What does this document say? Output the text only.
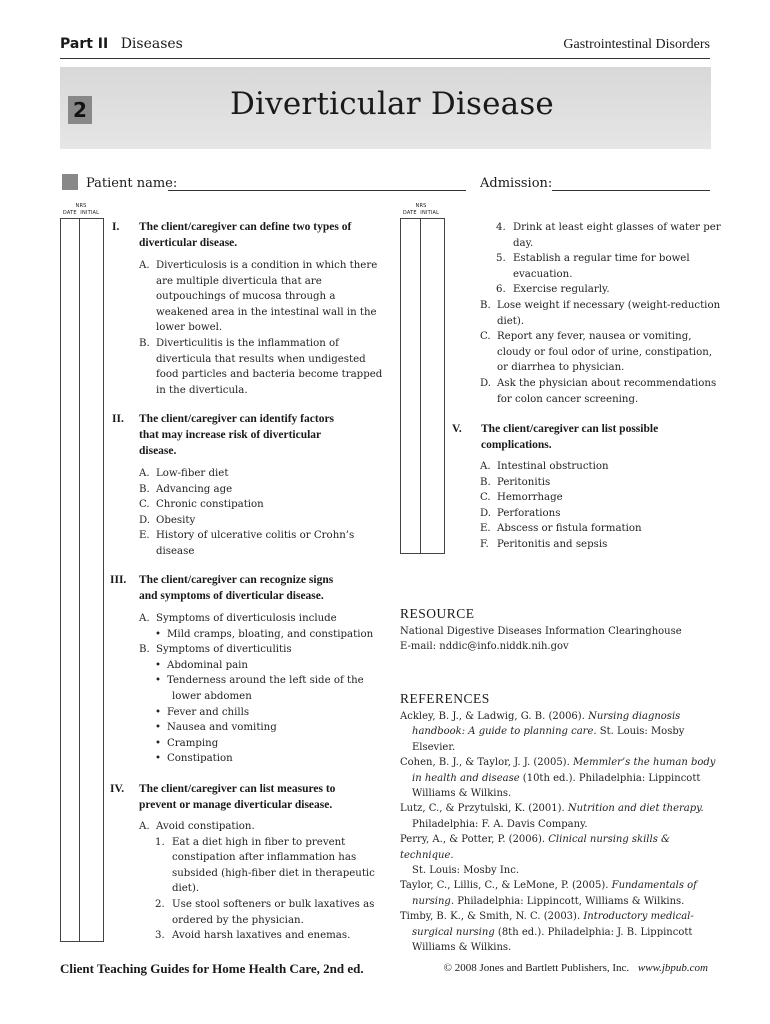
Part II Diseases	Gastrointestinal Disorders
2	Diverticular Disease
Patient name:	Admission:
NRS
DATE INITIAL
NRS
DATE INITIAL
I. The client/caregiver can define two types of
diverticular disease.
A. Diverticulosis is a condition in which there
are multiple diverticula that are
outpouchings of mucosa through a
weakened area in the intestinal wall in the
lower bowel.
B. Diverticulitis is the inflammation of
diverticula that results when undigested
food particles and bacteria become trapped
in the diverticula.
II. The client/caregiver can identify factors
that may increase risk of diverticular
disease.
A. Low-fiber diet
B. Advancing age
C. Chronic constipation
D. Obesity
E. History of ulcerative colitis or Crohn’s
disease
III. The client/caregiver can recognize signs
and symptoms of diverticular disease.
A. Symptoms of diverticulosis include
• Mild cramps, bloating, and constipation
B. Symptoms of diverticulitis
• Abdominal pain
• Tenderness around the left side of the
lower abdomen
• Fever and chills
• Nausea and vomiting
• Cramping
• Constipation
IV. The client/caregiver can list measures to
prevent or manage diverticular disease.
A. Avoid constipation.
1. Eat a diet high in fiber to prevent
constipation after inflammation has
subsided (high-fiber diet in therapeutic
diet).
2. Use stool softeners or bulk laxatives as
ordered by the physician.
3. Avoid harsh laxatives and enemas.
4. Drink at least eight glasses of water per
day.
5. Establish a regular time for bowel
evacuation.
6. Exercise regularly.
B. Lose weight if necessary (weight-reduction
diet).
C. Report any fever, nausea or vomiting,
cloudy or foul odor of urine, constipation,
or diarrhea to physician.
D. Ask the physician about recommendations
for colon cancer screening.
V. The client/caregiver can list possible
complications.
A. Intestinal obstruction
B. Peritonitis
C. Hemorrhage
D. Perforations
E. Abscess or fistula formation
F. Peritonitis and sepsis
RESOURCE
National Digestive Diseases Information Clearinghouse
E-mail: nddic@info.niddk.nih.gov
REFERENCES
Ackley, B. J., & Ladwig, G. B. (2006). Nursing diagnosis
handbook: A guide to planning care. St. Louis: Mosby
Elsevier.
Cohen, B. J., & Taylor, J. J. (2005). Memmler’s the human body
in health and disease (10th ed.). Philadelphia: Lippincott
Williams & Wilkins.
Lutz, C., & Przytulski, K. (2001). Nutrition and diet therapy.
Philadelphia: F. A. Davis Company.
Perry, A., & Potter, P. (2006). Clinical nursing skills & technique.
St. Louis: Mosby Inc.
Taylor, C., Lillis, C., & LeMone, P. (2005). Fundamentals of
nursing. Philadelphia: Lippincott, Williams & Wilkins.
Timby, B. K., & Smith, N. C. (2003). Introductory medical-
surgical nursing (8th ed.). Philadelphia: J. B. Lippincott
Williams & Wilkins.
Client Teaching Guides for Home Health Care, 2nd ed.	© 2008 Jones and Bartlett Publishers, Inc. www.jbpub.com
